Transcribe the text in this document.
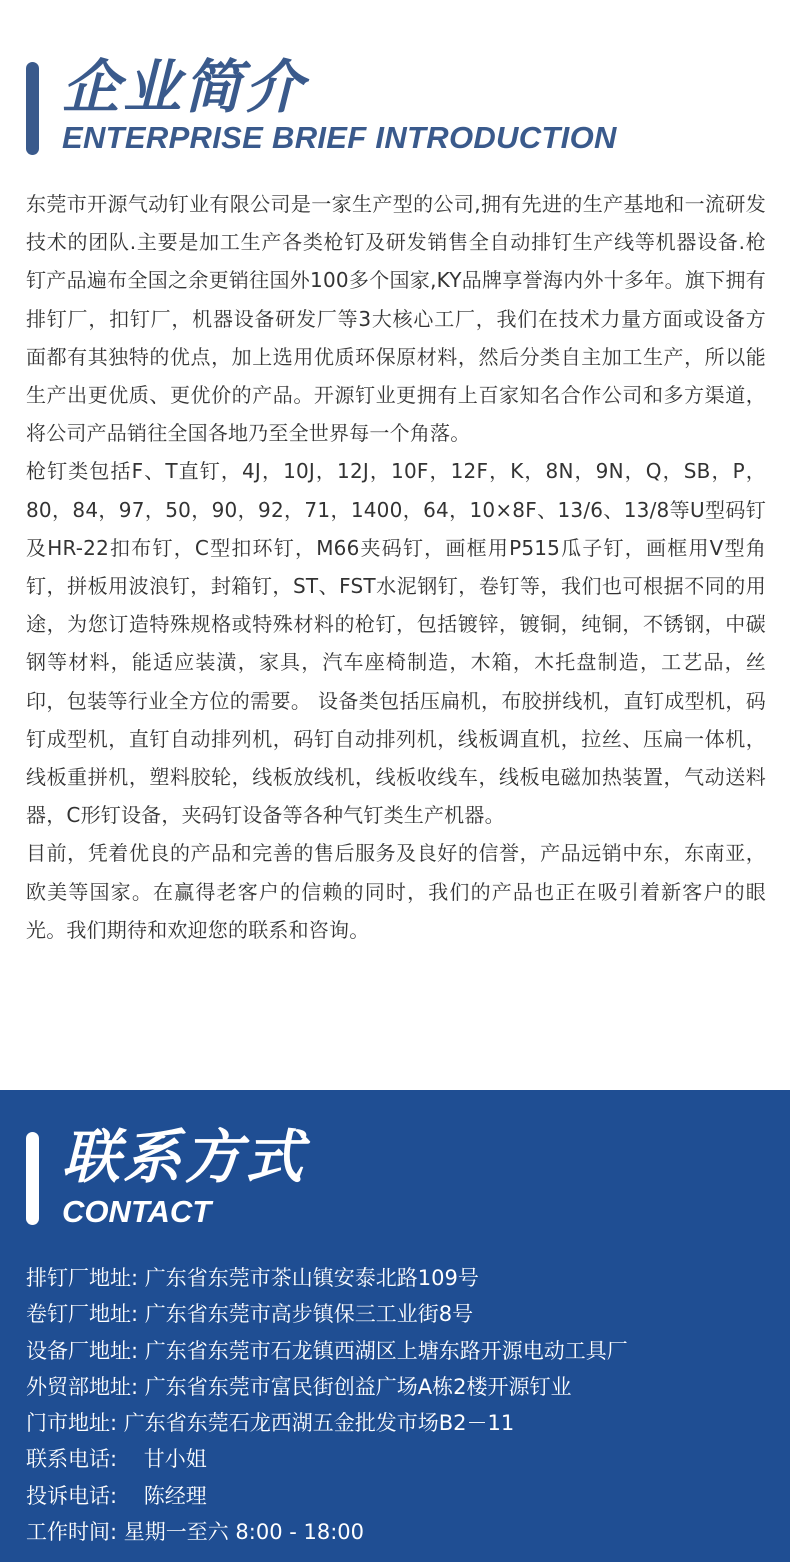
企业简介
ENTERPRISE BRIEF INTRODUCTION

东莞市开源气动钉业有限公司是一家生产型的公司,拥有先进的生产基地和一流研发技术的团队.主要是加工生产各类枪钉及研发销售全自动排钉生产线等机器设备.枪钉产品遍布全国之余更销往国外100多个国家,KY品牌享誉海内外十多年。旗下拥有排钉厂，扣钉厂，机器设备研发厂等3大核心工厂，我们在技术力量方面或设备方面都有其独特的优点，加上选用优质环保原材料，然后分类自主加工生产，所以能生产出更优质、更优价的产品。开源钉业更拥有上百家知名合作公司和多方渠道，将公司产品销往全国各地乃至全世界每一个角落。

枪钉类包括F、T直钉，4J，10J，12J，10F，12F，K，8N，9N，Q，SB，P，80，84，97，50，90，92，71，1400，64，10×8F、13/6、13/8等U型码钉及HR-22扣布钉，C型扣环钉，M66夹码钉，画框用P515瓜子钉，画框用V型角钉，拼板用波浪钉，封箱钉，ST、FST水泥钢钉，卷钉等，我们也可根据不同的用途，为您订造特殊规格或特殊材料的枪钉，包括镀锌，镀铜，纯铜，不锈钢，中碳钢等材料，能适应装潢，家具，汽车座椅制造，木箱，木托盘制造，工艺品，丝印，包装等行业全方位的需要。 设备类包括压扁机，布胶拼线机，直钉成型机，码钉成型机，直钉自动排列机，码钉自动排列机，线板调直机，拉丝、压扁一体机，线板重拼机，塑料胶轮，线板放线机，线板收线车，线板电磁加热装置，气动送料器，C形钉设备，夹码钉设备等各种气钉类生产机器。

目前，凭着优良的产品和完善的售后服务及良好的信誉，产品远销中东，东南亚，欧美等国家。在赢得老客户的信赖的同时，我们的产品也正在吸引着新客户的眼光。我们期待和欢迎您的联系和咨询。

联系方式
CONTACT
排钉厂地址: 广东省东莞市茶山镇安泰北路109号
卷钉厂地址: 广东省东莞市高步镇保三工业街8号
设备厂地址: 广东省东莞市石龙镇西湖区上塘东路开源电动工具厂
外贸部地址: 广东省东莞市富民街创益广场A栋2楼开源钉业
门市地址: 广东省东莞石龙西湖五金批发市场B2－11
联系电话:    甘小姐
投诉电话:    陈经理
工作时间: 星期一至六 8:00 - 18:00
